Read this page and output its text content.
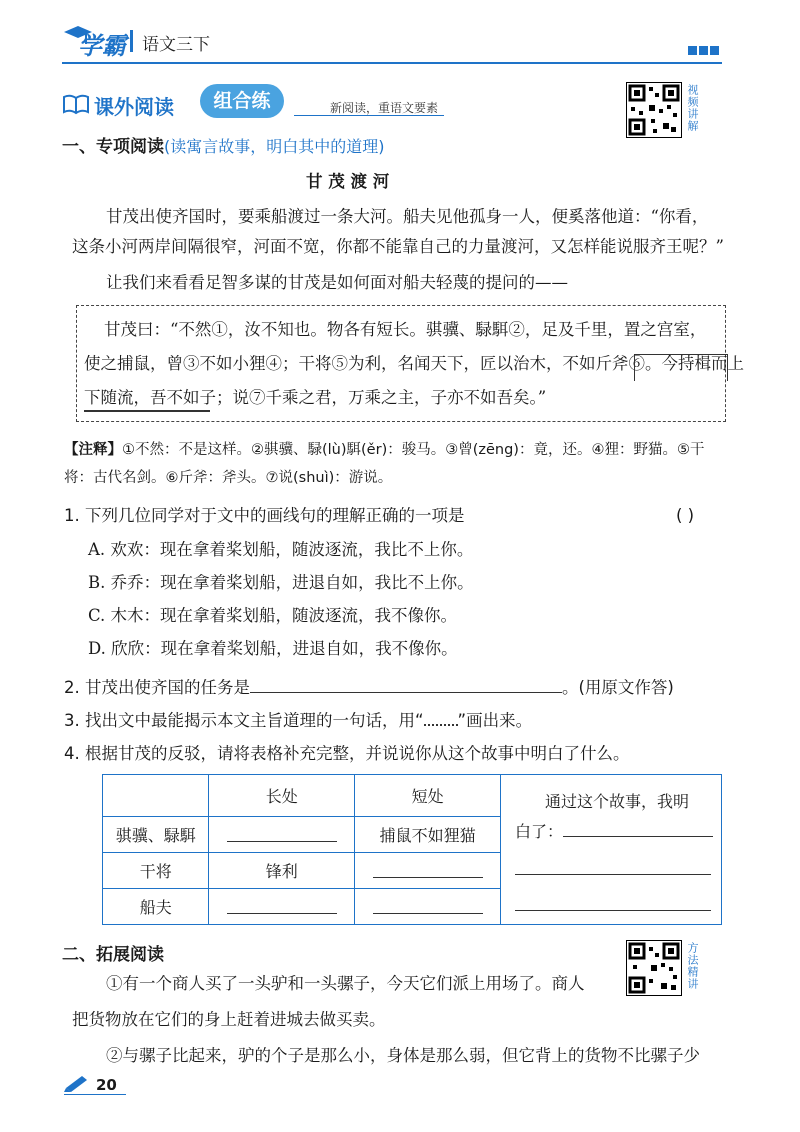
学霸 语文三下
课外阅读	组合练	新阅读，重语文要素	视频讲解
一、专项阅读(读寓言故事，明白其中的道理)
甘 茂 渡 河
甘茂出使齐国时，要乘船渡过一条大河。船夫见他孤身一人，便奚落他道：“你看，
这条小河两岸间隔很窄，河面不宽，你都不能靠自己的力量渡河，又怎样能说服齐王呢？”
让我们来看看足智多谋的甘茂是如何面对船夫轻蔑的提问的——
甘茂曰：“不然①，汝不知也。物各有短长。骐骥、騄駬②，足及千里，置之宫室，
使之捕鼠，曾③不如小狸④；干将⑤为利，名闻天下，匠以治木，不如斤斧⑥。今持楫而上
下随流，吾不如子；说⑦千乘之君，万乘之主，子亦不如吾矣。”
【注释】①不然：不是这样。②骐骥、騄(lù)駬(ěr)：骏马。③曾(zēng)：竟，还。④狸：野猫。⑤干
将：古代名剑。⑥斤斧：斧头。⑦说(shuì)：游说。
1. 下列几位同学对于文中的画线句的理解正确的一项是	( )
A. 欢欢：现在拿着桨划船，随波逐流，我比不上你。
B. 乔乔：现在拿着桨划船，进退自如，我比不上你。
C. 木木：现在拿着桨划船，随波逐流，我不像你。
D. 欣欣：现在拿着桨划船，进退自如，我不像你。
2. 甘茂出使齐国的任务是	。(用原文作答)
3. 找出文中最能揭示本文主旨道理的一句话，用“ ”画出来。
4. 根据甘茂的反驳，请将表格补充完整，并说说你从这个故事中明白了什么。
	长处	短处	通过这个故事，我明
白了：

骐骥、騄駬		捕鼠不如狸猫	
干将	锋利		
船夫			
二、拓展阅读	方法精讲
①有一个商人买了一头驴和一头骡子，今天它们派上用场了。商人
把货物放在它们的身上赶着进城去做买卖。
②与骡子比起来，驴的个子是那么小，身体是那么弱，但它背上的货物不比骡子少
20
